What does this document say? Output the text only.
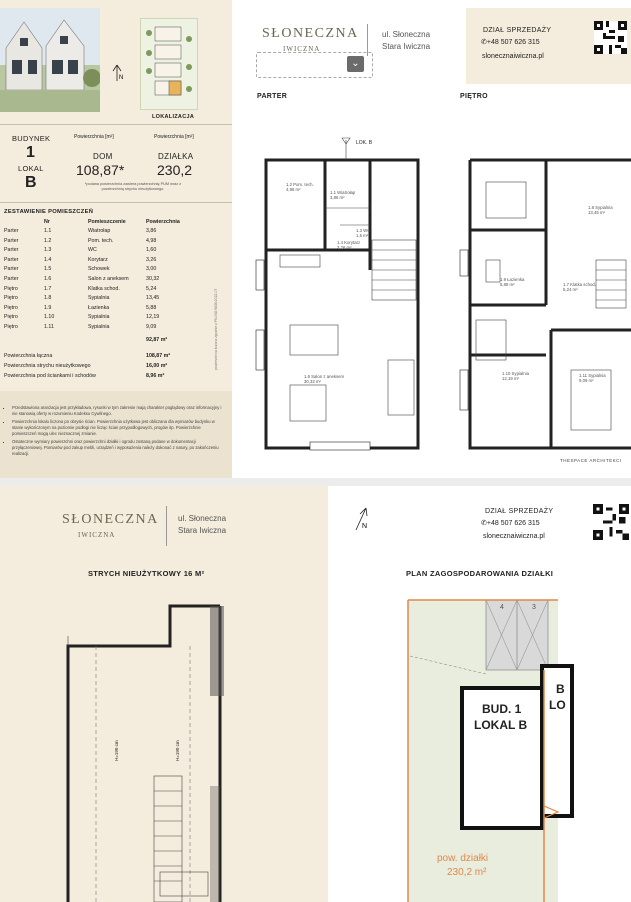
LOKALIZACJA
BUDYNEK
1
LOKAL
B
Powierzchnia [m²]
DOM
108,87*
Powierzchnia [m²]
DZIAŁKA
230,2
*podana powierzchnia zawiera powierzchnię PUM wraz z powierzchnią strychu nieużytkowego.
ZESTAWIENIE POMIESZCZEŃ
Nr	Pomieszczenie	Powierzchnia
Parter	1.1	Wiatrołap	3,86
Parter	1.2	Pom. tech.	4,98
Parter	1.3	WC	1,60
Parter	1.4	Korytarz	3,26
Parter	1.5	Schowek	3,00
Parter	1.6	Salon z aneksem	30,32
Piętro	1.7	Klatka schod.	5,24
Piętro	1.8	Sypialnia	13,45
Piętro	1.9	Łazienka	5,88
Piętro	1.10	Sypialnia	12,19
Piętro	1.11	Sypialnia	9,09
92,87 m²
Powierzchnia łączna	108,87 m²
Powierzchnia strychu nieużytkowego	16,00 m²
Powierzchnia pod ściankami i schodów	8,96 m²
▪ Przedstawiona aranżacja jest przykładowa, rysunki w tym zakresie mają charakter poglądowy oraz informacyjny i nie stanowią oferty w rozumieniu Kodeksu Cywilnego.
▪ Powierzchnia lokalu liczona po obrysie ścian. Powierzchnia użytkowa jest obliczana dla wymiarów budynku w stanie wykończonym na poziomie podłogi nie licząc ścian przypodłogowych, progów itp. Powierzchnie pomieszczeń mogą ulec nieznacznej zmianie.
▪ Ostateczne wymiary powierzchni oraz powierzchni działki i ogrodu zostaną podane w dokumentacji przyłączeniowej. Pomiarów pod zakup mebli, urządzeń i wyposażenia należy dokonać z natury, po zakończeniu realizacji.
powierzchnia liczona zgodnie z PN-ISO 9836:2022-07
SŁONECZNA
IWICZNA
⌄
ul. Słoneczna
Stara Iwiczna
DZIAŁ SPRZEDAŻY
✆+48 507 626 315
slonecznaiwiczna.pl
N
PARTER	PIĘTRO
LOK. B
1.2 Pom. tech.
4,98 m²
1.1 Wiatrołap
3,86 m²
1.4 Korytarz
3,26 m²
1.3 WC
1,6 m²
1.6 Salon z aneksem
30,32 m²
1.8 Sypialnia
13,45 m²
1.9 Łazienka
5,88 m²	1.7 Klatka schod.
5,24 m²
1.10 Sypialnia
12,19 m²
1.11 Sypialnia
9,09 m²
THESPACE ARCHITEKCI
SŁONECZNA
IWICZNA
ul. Słoneczna
Stara Iwiczna	N
DZIAŁ SPRZEDAŻY
✆+48 507 626 315
slonecznaiwiczna.pl
STRYCH NIEUŻYTKOWY 16 M²
H=190 cm	H=190 cm
PLAN ZAGOSPODAROWANIA DZIAŁKI
4	3
BUD. 1
LOKAL B
B
LO
pow. działki
230,2 m²
